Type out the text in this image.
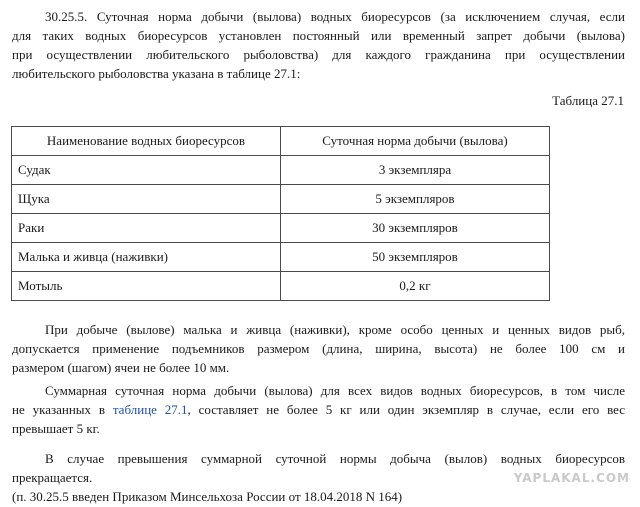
30.25.5. Суточная норма добычи (вылова) водных биоресурсов (за исключением случая, если
для таких водных биоресурсов установлен постоянный или временный запрет добычи (вылова)
при осуществлении любительского рыболовства) для каждого гражданина при осуществлении
любительского рыболовства указана в таблице 27.1:

Таблица 27.1

Наименование водных биоресурсов	Суточная норма добычи (вылова)
Судак	3 экземпляра
Щука	5 экземпляров
Раки	30 экземпляров
Малька и живца (наживки)	50 экземпляров
Мотыль	0,2 кг
При добыче (вылове) малька и живца (наживки), кроме особо ценных и ценных видов рыб,
допускается применение подъемников размером (длина, ширина, высота) не более 100 см и
размером (шагом) ячеи не более 10 мм.
Суммарная суточная норма добычи (вылова) для всех видов водных биоресурсов, в том числе
не указанных в таблице 27.1, составляет не более 5 кг или один экземпляр в случае, если его вес
превышает 5 кг.
В случае превышения суммарной суточной нормы добыча (вылов) водных биоресурсов
прекращается.
(п. 30.25.5 введен Приказом Минсельхоза России от 18.04.2018 N 164)

YAPLAKAL.COM
